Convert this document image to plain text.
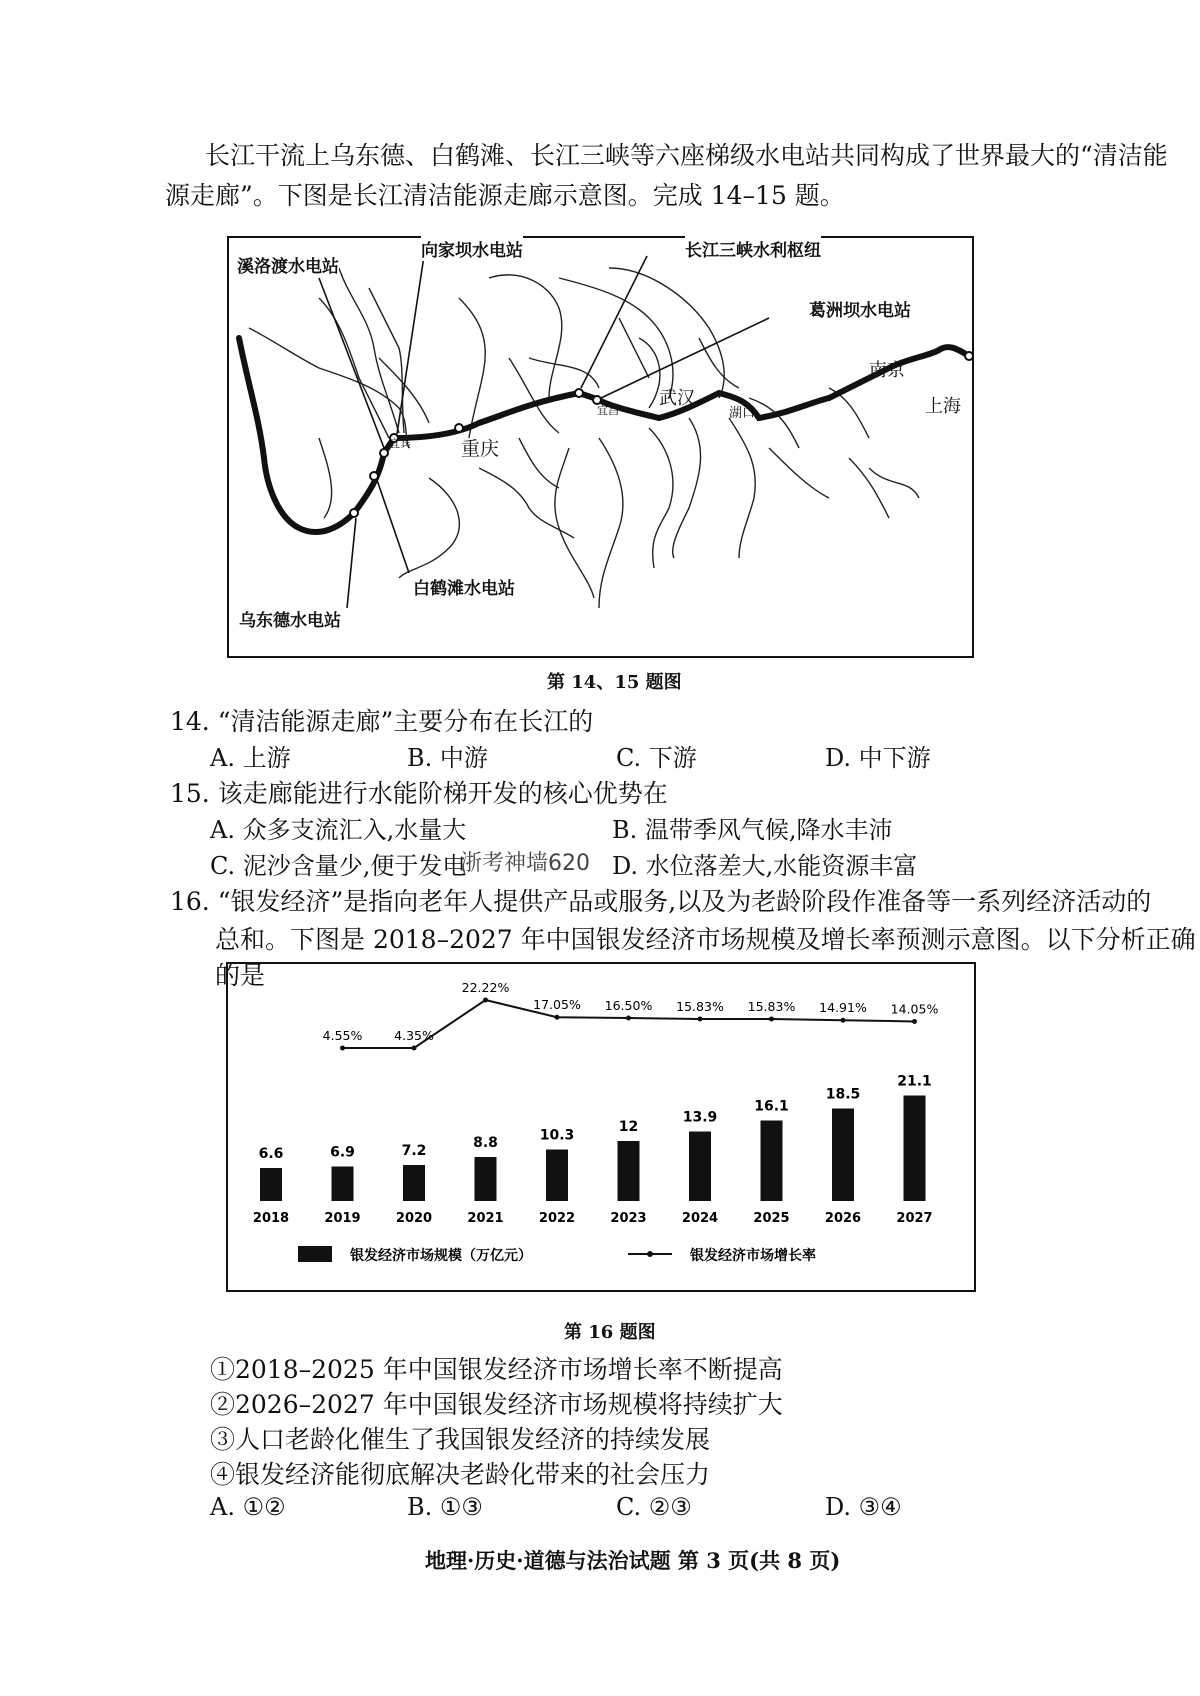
长江干流上乌东德、白鹤滩、长江三峡等六座梯级水电站共同构成了世界最大的“清洁能
源走廊”。下图是长江清洁能源走廊示意图。完成 14–15 题。
溪洛渡水电站
向家坝水电站	长江三峡水利枢纽
葛洲坝水电站
白鹤滩水电站
乌东德水电站
宜宾	重庆
宜昌
武汉
湖口
南京
上海
第 14、15 题图
14. “清洁能源走廊”主要分布在长江的
A. 上游	B. 中游	C. 下游	D. 中下游
15. 该走廊能进行水能阶梯开发的核心优势在
A. 众多支流汇入,水量大	B. 温带季风气候,降水丰沛
C. 泥沙含量少,便于发电
浙考神墙620 D. 水位落差大,水能资源丰富
16. “银发经济”是指向老年人提供产品或服务,以及为老龄阶段作准备等一系列经济活动的
总和。下图是 2018–2027 年中国银发经济市场规模及增长率预测示意图。以下分析正确的是
6.6
2018
6.9
2019
7.2
2020
8.8
2021
10.3
2022
12
2023
13.9
2024
16.1
2025
18.5
2026
21.1
2027
4.55%	4.35%
22.22%
17.05% 16.50% 15.83% 15.83% 14.91% 14.05%
银发经济市场规模（万亿元）	银发经济市场增长率
第 16 题图
①2018–2025 年中国银发经济市场增长率不断提高
②2026–2027 年中国银发经济市场规模将持续扩大
③人口老龄化催生了我国银发经济的持续发展
④银发经济能彻底解决老龄化带来的社会压力
A. ①②	B. ①③	C. ②③	D. ③④
地理·历史·道德与法治试题 第 3 页(共 8 页)
